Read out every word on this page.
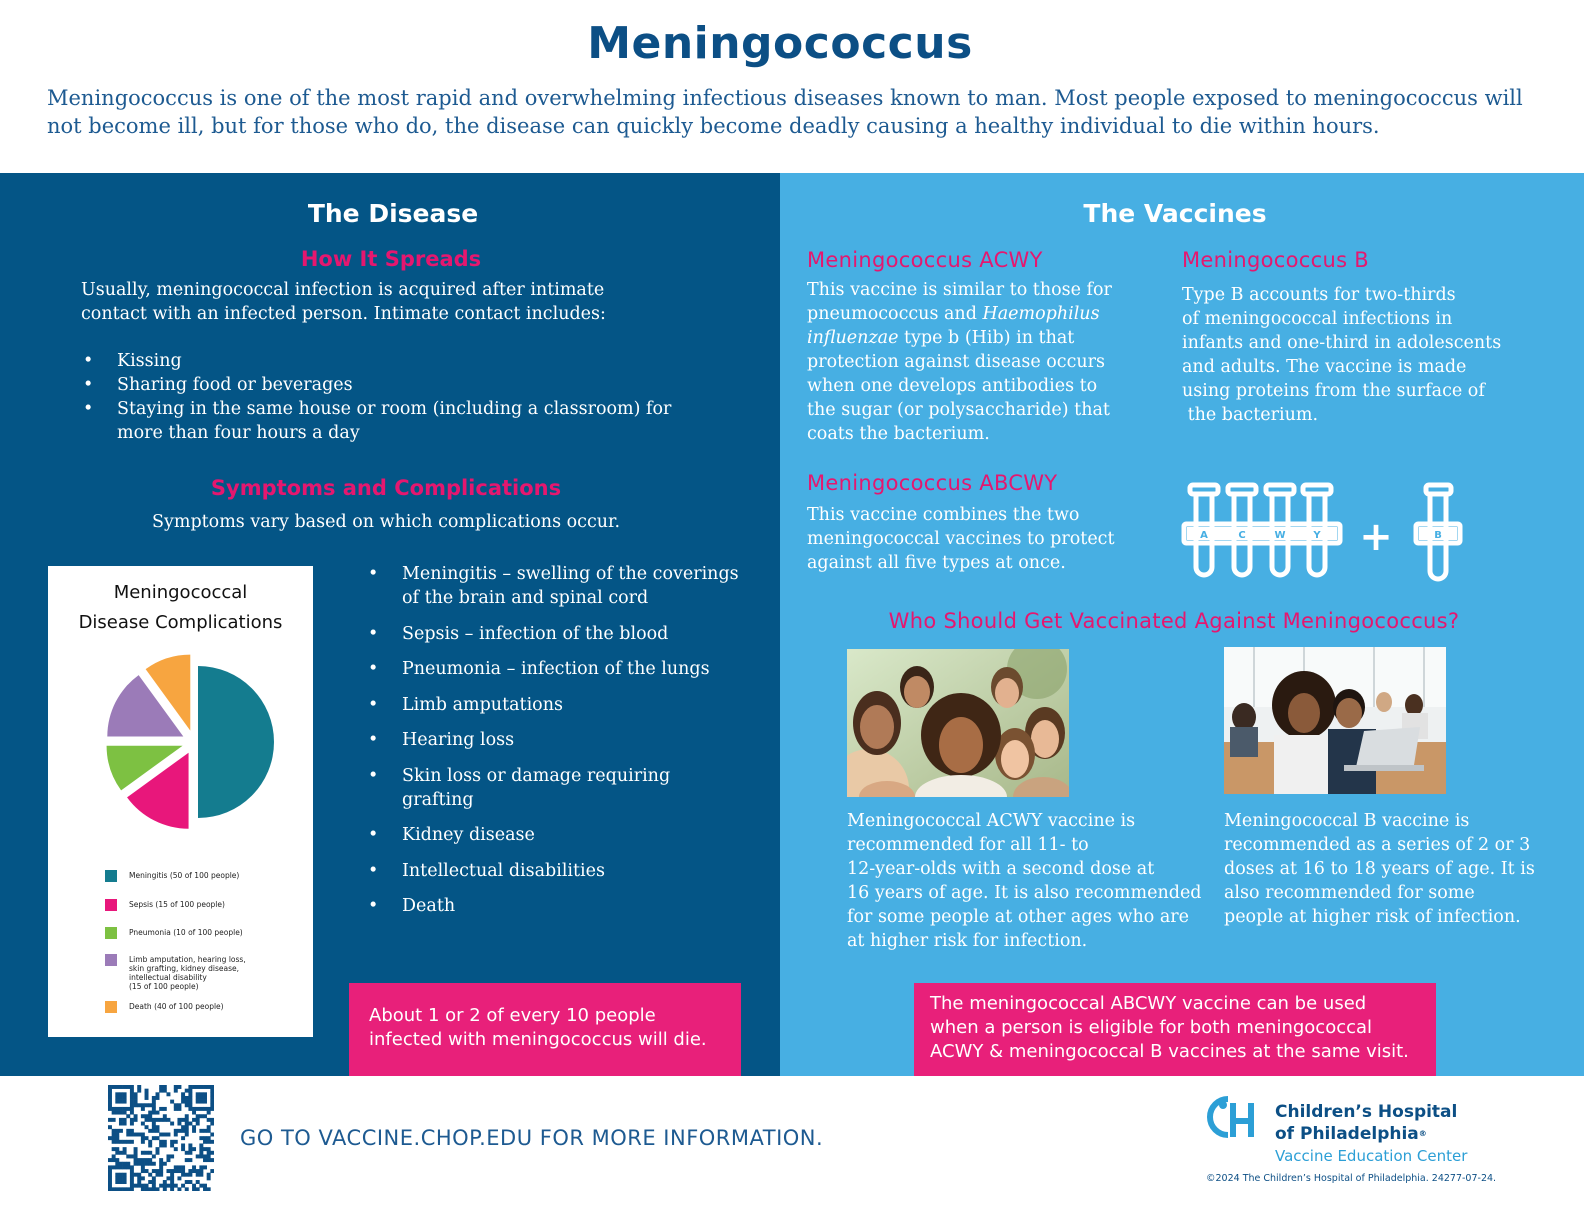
Meningococcus

Meningococcus is one of the most rapid and overwhelming infectious diseases known to man. Most people exposed to meningococcus will not become ill, but for those who do, the disease can quickly become deadly causing a healthy individual to die within hours.

The Disease
How It Spreads
Usually, meningococcal infection is acquired after intimate
contact with an infected person. Intimate contact includes:
• Kissing
• Sharing food or beverages
• Staying in the same house or room (including a classroom) for more than four hours a day
Symptoms and Complications
Symptoms vary based on which complications occur.
Meningococcal
Disease Complications
Meningitis (50 of 100 people)
Sepsis (15 of 100 people)
Pneumonia (10 of 100 people)
Limb amputation, hearing loss,
skin grafting, kidney disease,
intellectual disability
(15 of 100 people)
Death (40 of 100 people)
• Meningitis – swelling of the coverings of the brain and spinal cord
• Sepsis – infection of the blood
• Pneumonia – infection of the lungs
• Limb amputations
• Hearing loss
• Skin loss or damage requiring grafting
• Kidney disease
• Intellectual disabilities
• Death
About 1 or 2 of every 10 people
infected with meningococcus will die.
The Vaccines
Meningococcus ACWY
This vaccine is similar to those for
pneumococcus and Haemophilus
influenzae type b (Hib) in that
protection against disease occurs
when one develops antibodies to
the sugar (or polysaccharide) that
coats the bacterium.
Meningococcus B
Type B accounts for two-thirds
of meningococcal infections in
infants and one-third in adolescents
and adults. The vaccine is made
using proteins from the surface of
the bacterium.
Meningococcus ABCWY
This vaccine combines the two
meningococcal vaccines to protect
against all five types at once.
A	C	W	Y	B
+
Who Should Get Vaccinated Against Meningococcus?
Meningococcal ACWY vaccine is
recommended for all 11- to
12-year-olds with a second dose at
16 years of age. It is also recommended
for some people at other ages who are
at higher risk for infection.
Meningococcal B vaccine is
recommended as a series of 2 or 3
doses at 16 to 18 years of age. It is
also recommended for some
people at higher risk of infection.
The meningococcal ABCWY vaccine can be used
when a person is eligible for both meningococcal
ACWY & meningococcal B vaccines at the same visit.
GO TO VACCINE.CHOP.EDU FOR MORE INFORMATION.
Children’s Hospital
of Philadelphia®
Vaccine Education Center
©2024 The Children’s Hospital of Philadelphia. 24277-07-24.
